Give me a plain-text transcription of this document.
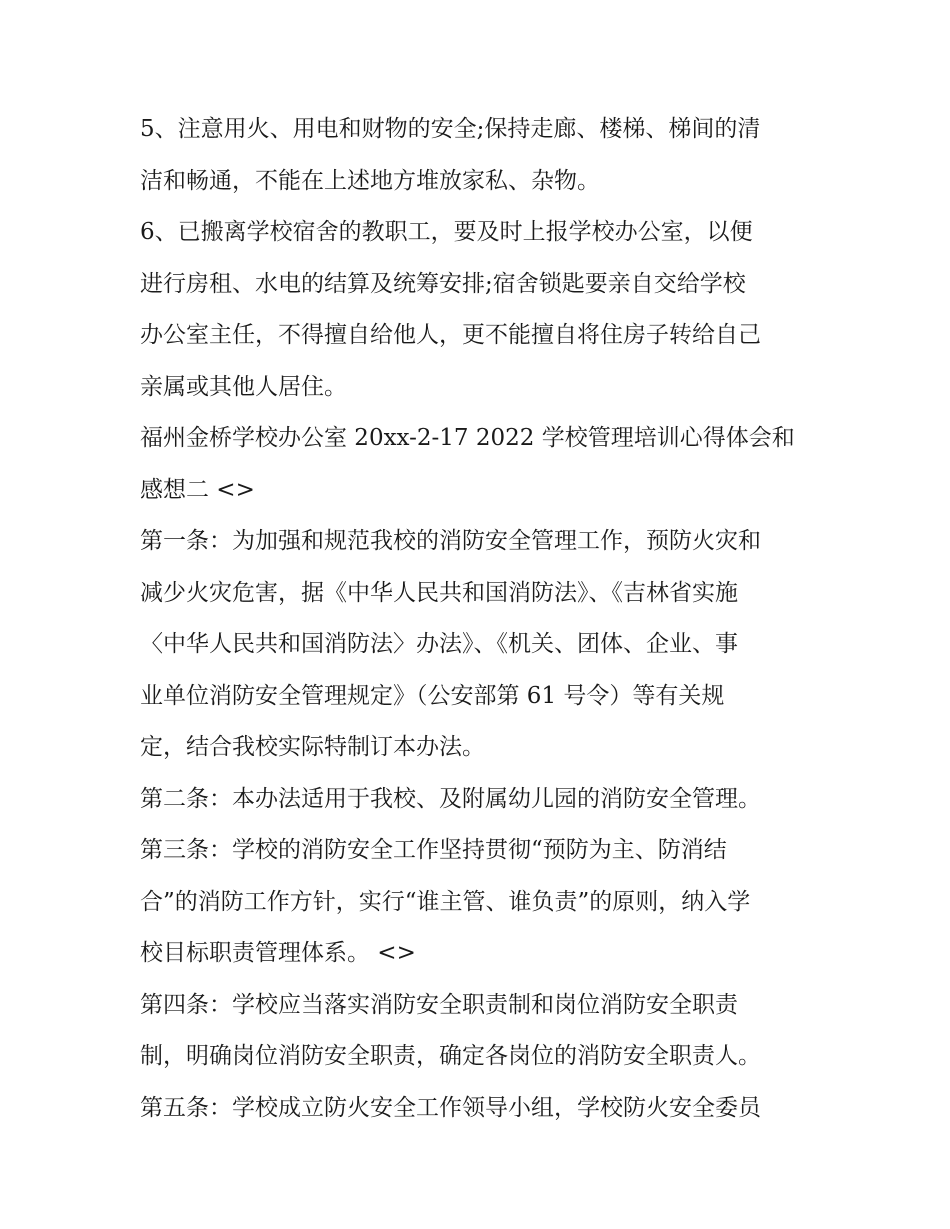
5、注意用火、用电和财物的安全;保持走廊、楼梯、梯间的清
洁和畅通，不能在上述地方堆放家私、杂物。
6、已搬离学校宿舍的教职工，要及时上报学校办公室，以便
进行房租、水电的结算及统筹安排;宿舍锁匙要亲自交给学校
办公室主任，不得擅自给他人，更不能擅自将住房子转给自己
亲属或其他人居住。
福州金桥学校办公室 20xx-2-17 2022 学校管理培训心得体会和
感想二 <>
第一条：为加强和规范我校的消防安全管理工作，预防火灾和
减少火灾危害，据《中华人民共和国消防法》、《吉林省实施
〈中华人民共和国消防法〉办法》、《机关、团体、企业、事
业单位消防安全管理规定》（公安部第 61 号令）等有关规
定，结合我校实际特制订本办法。
第二条：本办法适用于我校、及附属幼儿园的消防安全管理。
第三条：学校的消防安全工作坚持贯彻“预防为主、防消结
合”的消防工作方针，实行“谁主管、谁负责”的原则，纳入学
校目标职责管理体系。 <>
第四条：学校应当落实消防安全职责制和岗位消防安全职责
制，明确岗位消防安全职责，确定各岗位的消防安全职责人。
第五条：学校成立防火安全工作领导小组，学校防火安全委员
